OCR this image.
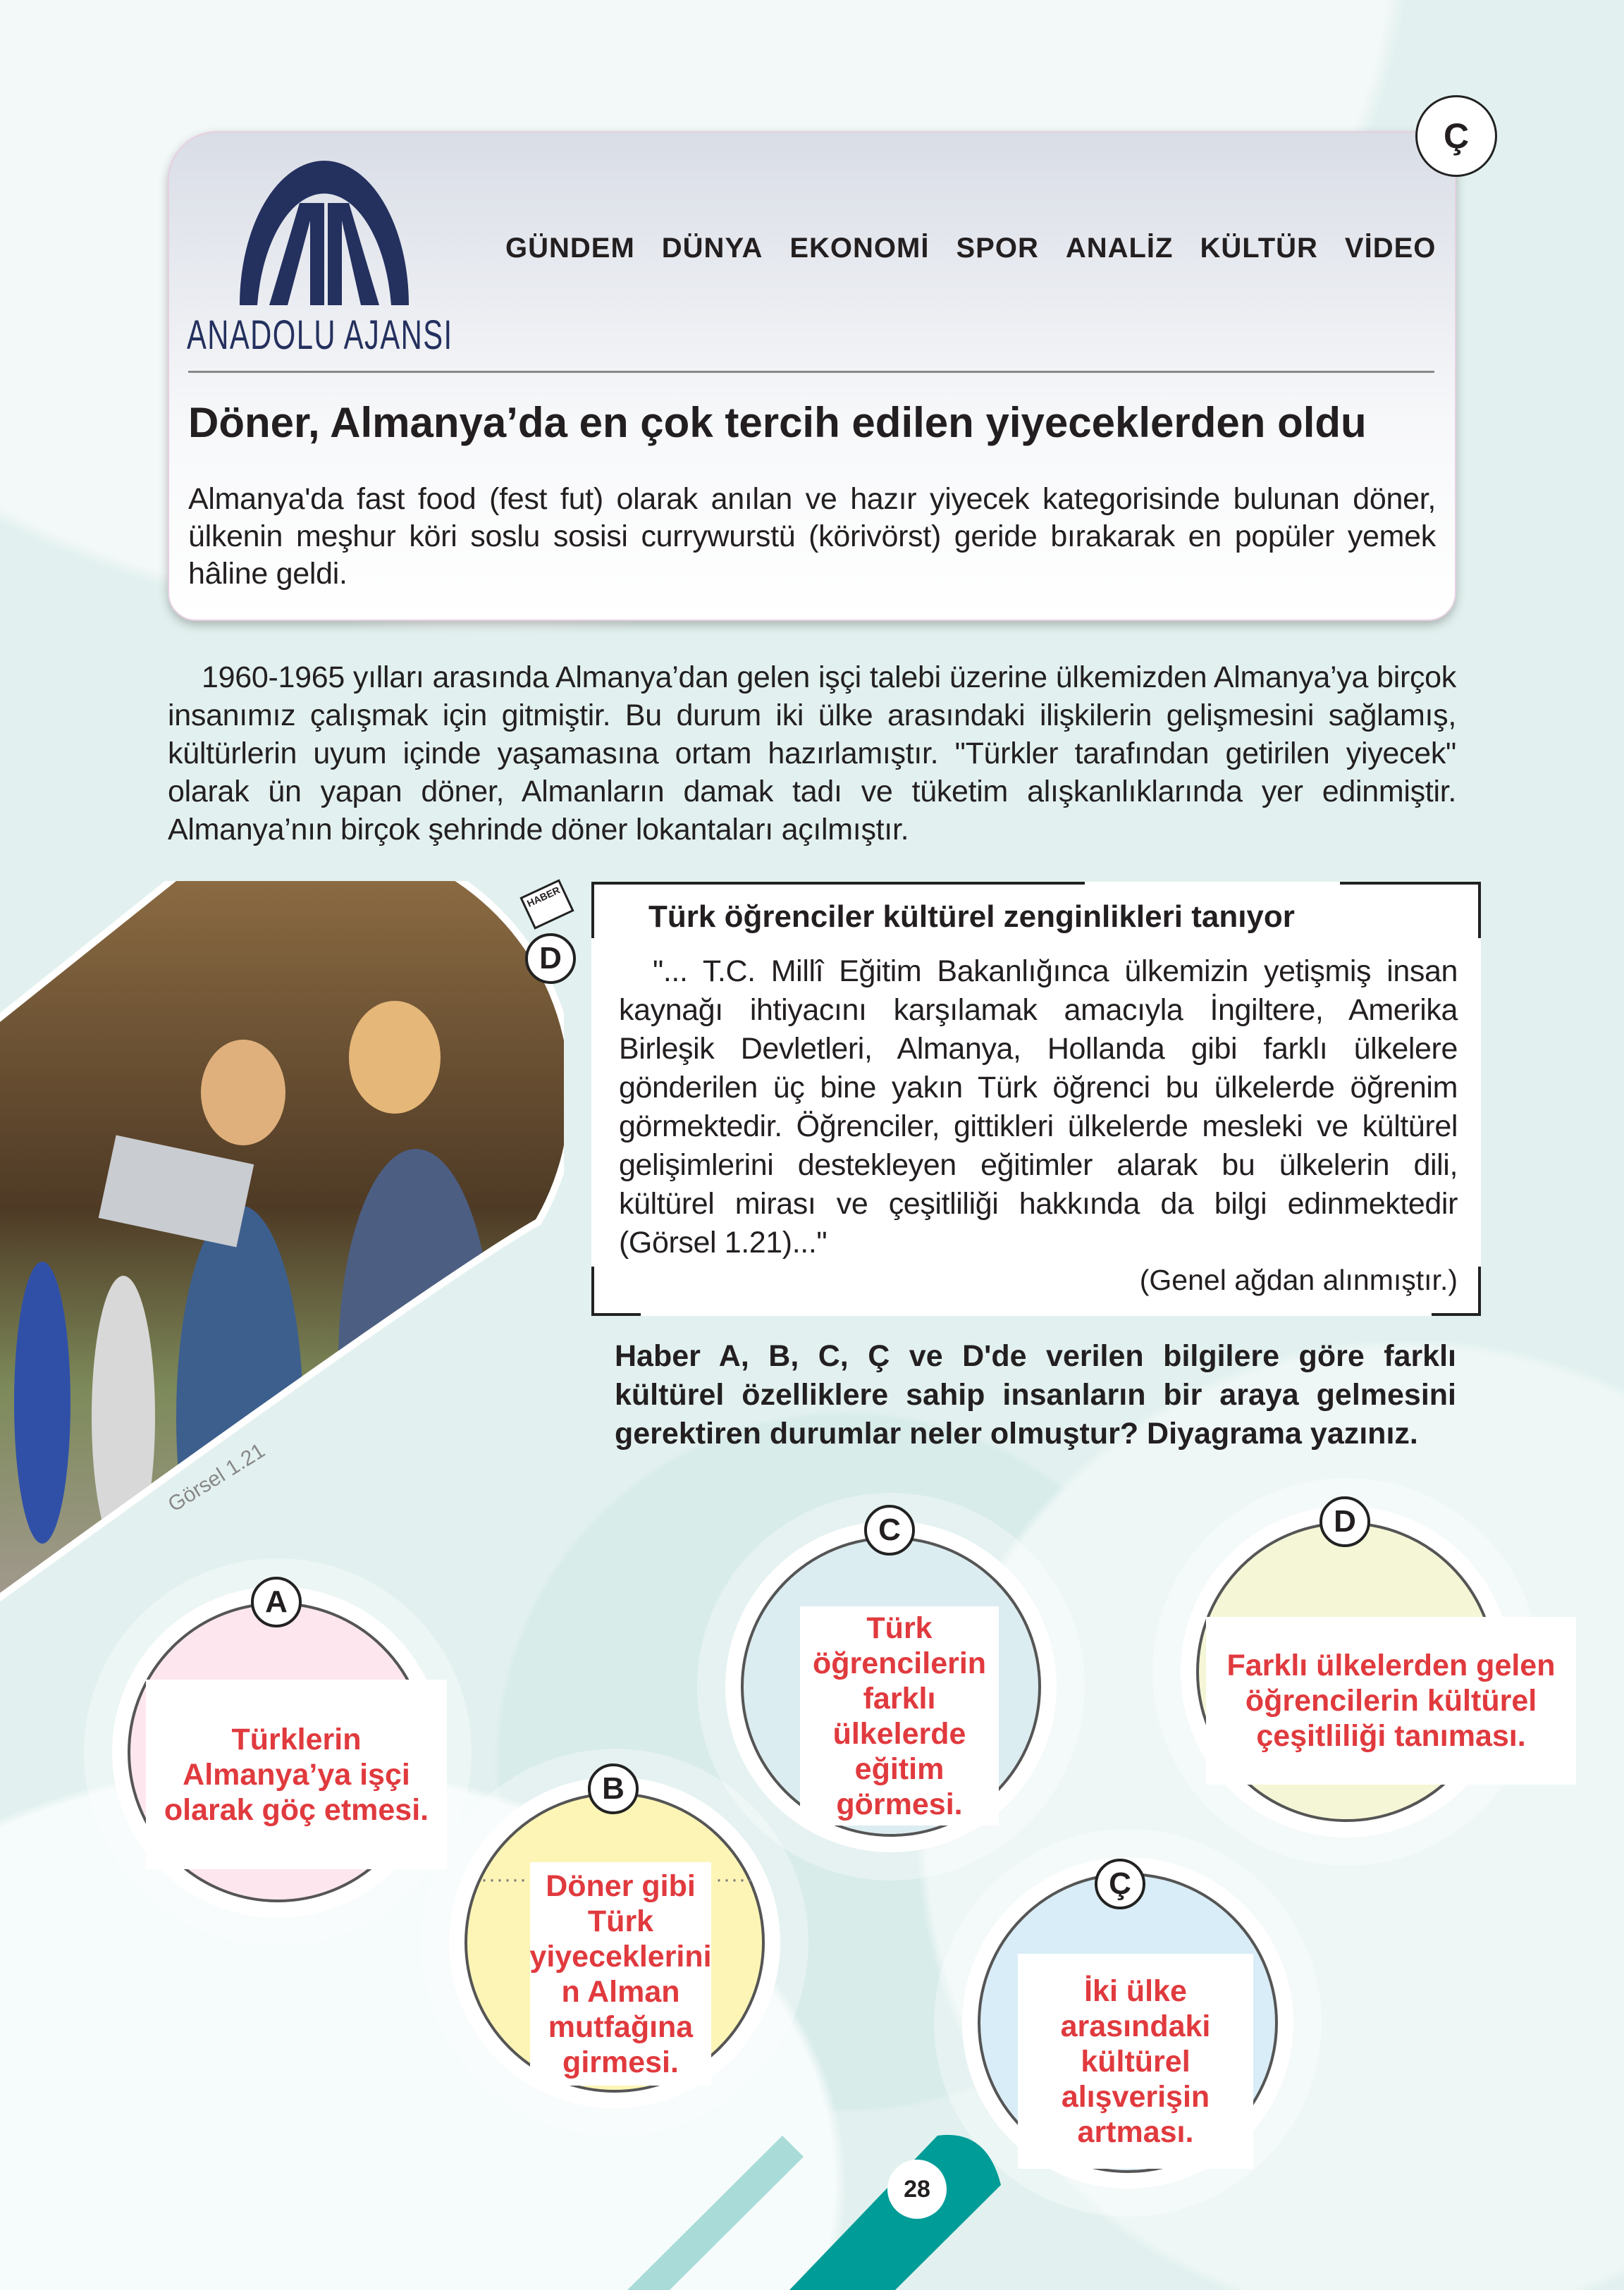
Ç
ANADOLU AJANSI
GÜNDEM DÜNYA EKONOMİ SPOR ANALİZ KÜLTÜR VİDEO
Döner, Almanya’da en çok tercih edilen yiyeceklerden oldu
Almanya'da fast food (fest fut) olarak anılan ve hazır yiyecek kategorisinde bulunan döner, ülkenin meşhur köri soslu sosisi currywurstü (körivörst) geride bırakarak en popüler yemek hâline geldi.
1960-1965 yılları arasında Almanya’dan gelen işçi talebi üzerine ülkemizden Almanya’ya birçok insanımız çalışmak için gitmiştir. Bu durum iki ülke arasındaki ilişkilerin gelişmesini sağlamış, kültürlerin uyum içinde yaşamasına ortam hazırlamıştır. "Türkler tarafından getirilen yiyecek" olarak ün yapan döner, Almanların damak tadı ve tüketim alışkanlıklarında yer edinmiştir. Almanya’nın birçok şehrinde döner lokantaları açılmıştır.
Görsel 1.21
HABER
D
Türk öğrenciler kültürel zenginlikleri tanıyor
"... T.C. Millî Eğitim Bakanlığınca ülkemizin yetişmiş insan kaynağı ihtiyacını karşılamak amacıyla İngiltere, Amerika Birleşik Devletleri, Almanya, Hollanda gibi farklı ülkelere gönderilen üç bine yakın Türk öğrenci bu ülkelerde öğrenim görmektedir. Öğrenciler, gittikleri ülkelerde mesleki ve kültürel gelişimlerini destekleyen eğitimler alarak bu ülkelerin dili, kültürel mirası ve çeşitliliği hakkında da bilgi edinmektedir (Görsel 1.21)..."
(Genel ağdan alınmıştır.)
Haber A, B, C, Ç ve D'de verilen bilgilere göre farklı kültürel özelliklere sahip insanların bir araya gelmesini gerektiren durumlar neler olmuştur? Diyagrama yazınız.
A
Türklerin Almanya’ya işçi olarak göç etmesi.
B
······	·····
Döner gibi Türk yiyeceklerini n Alman mutfağına girmesi.
C
Türk öğrencilerin farklı ülkelerde eğitim görmesi.
D
Farklı ülkelerden gelen öğrencilerin kültürel çeşitliliği tanıması.
Ç
İki ülke arasındaki kültürel alışverişin artması.
28
